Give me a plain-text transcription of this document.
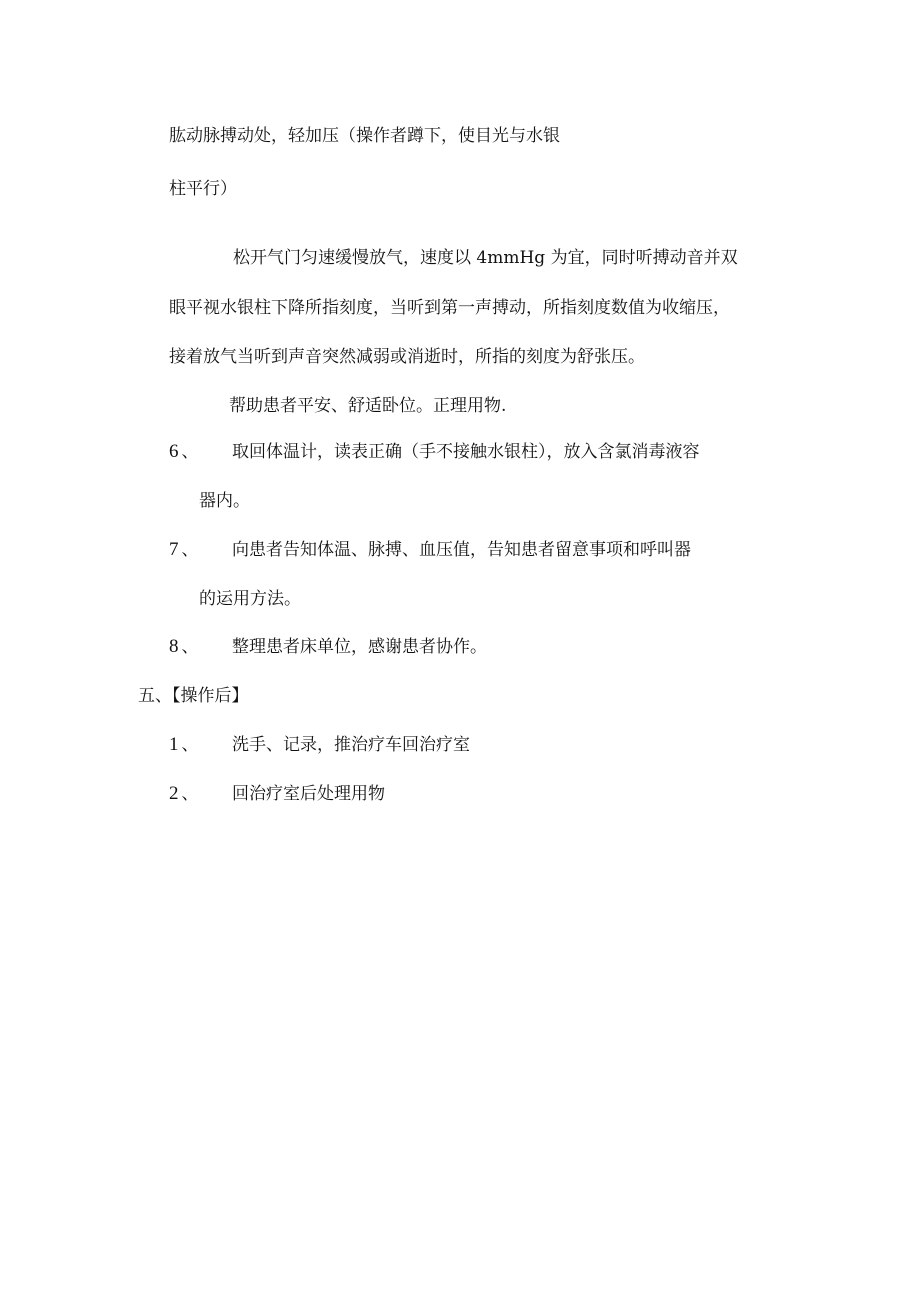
肱动脉搏动处，轻加压（操作者蹲下，使目光与水银
柱平行）
松开气门匀速缓慢放气，速度以 4mmHg 为宜，同时听搏动音并双
眼平视水银柱下降所指刻度，当听到第一声搏动，所指刻度数值为收缩压，
接着放气当听到声音突然减弱或消逝时，所指的刻度为舒张压。
帮助患者平安、舒适卧位。正理用物.
6 、 取回体温计，读表正确（手不接触水银柱），放入含氯消毒液容
器内。
7 、 向患者告知体温、脉搏、血压值，告知患者留意事项和呼叫器
的运用方法。
8 、 整理患者床单位，感谢患者协作。
五、【操作后】
1 、 洗手、记录，推治疗车回治疗室
2 、 回治疗室后处理用物
